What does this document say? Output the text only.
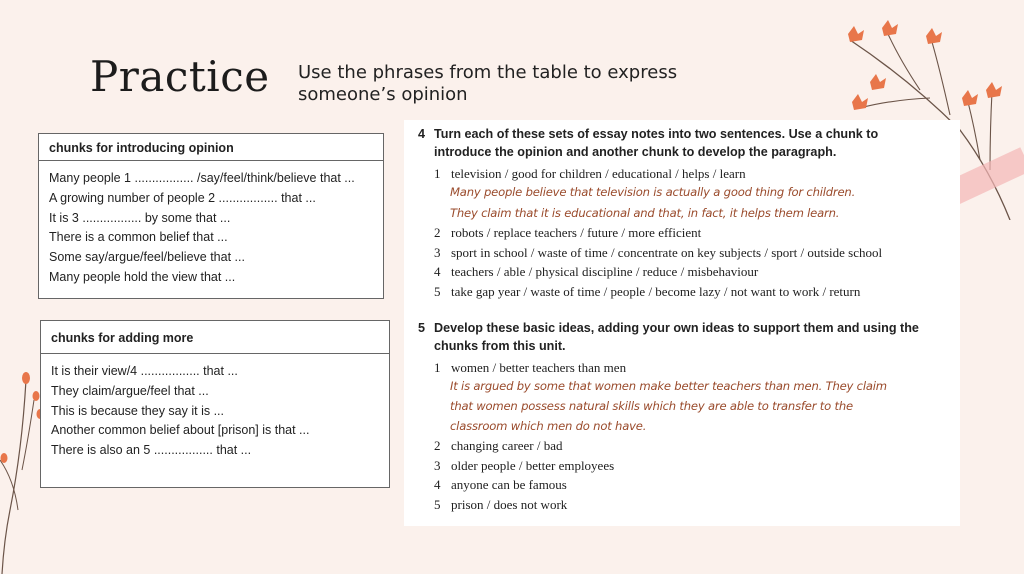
Practice Use the phrases from the table to express someone’s opinion
chunks for introducing opinion
Many people 1 ................. /say/feel/think/believe that ...
A growing number of people 2 ................. that ...
It is 3 ................. by some that ...
There is a common belief that ...
Some say/argue/feel/believe that ...
Many people hold the view that ...
chunks for adding more
It is their view/4 ................. that ...
They claim/argue/feel that ...
This is because they say it is ...
Another common belief about [prison] is that ...
There is also an 5 ................. that ...
4 Turn each of these sets of essay notes into two sentences. Use a chunk to
introduce the opinion and another chunk to develop the paragraph.
1 television / good for children / educational / helps / learn
Many people believe that television is actually a good thing for children.
They claim that it is educational and that, in fact, it helps them learn.
2 robots / replace teachers / future / more efficient
3 sport in school / waste of time / concentrate on key subjects / sport / outside school
4 teachers / able / physical discipline / reduce / misbehaviour
5 take gap year / waste of time / people / become lazy / not want to work / return
5 Develop these basic ideas, adding your own ideas to support them and using the
chunks from this unit.
1 women / better teachers than men
It is argued by some that women make better teachers than men. They claim
that women possess natural skills which they are able to transfer to the
classroom which men do not have.
2 changing career / bad
3 older people / better employees
4 anyone can be famous
5 prison / does not work
